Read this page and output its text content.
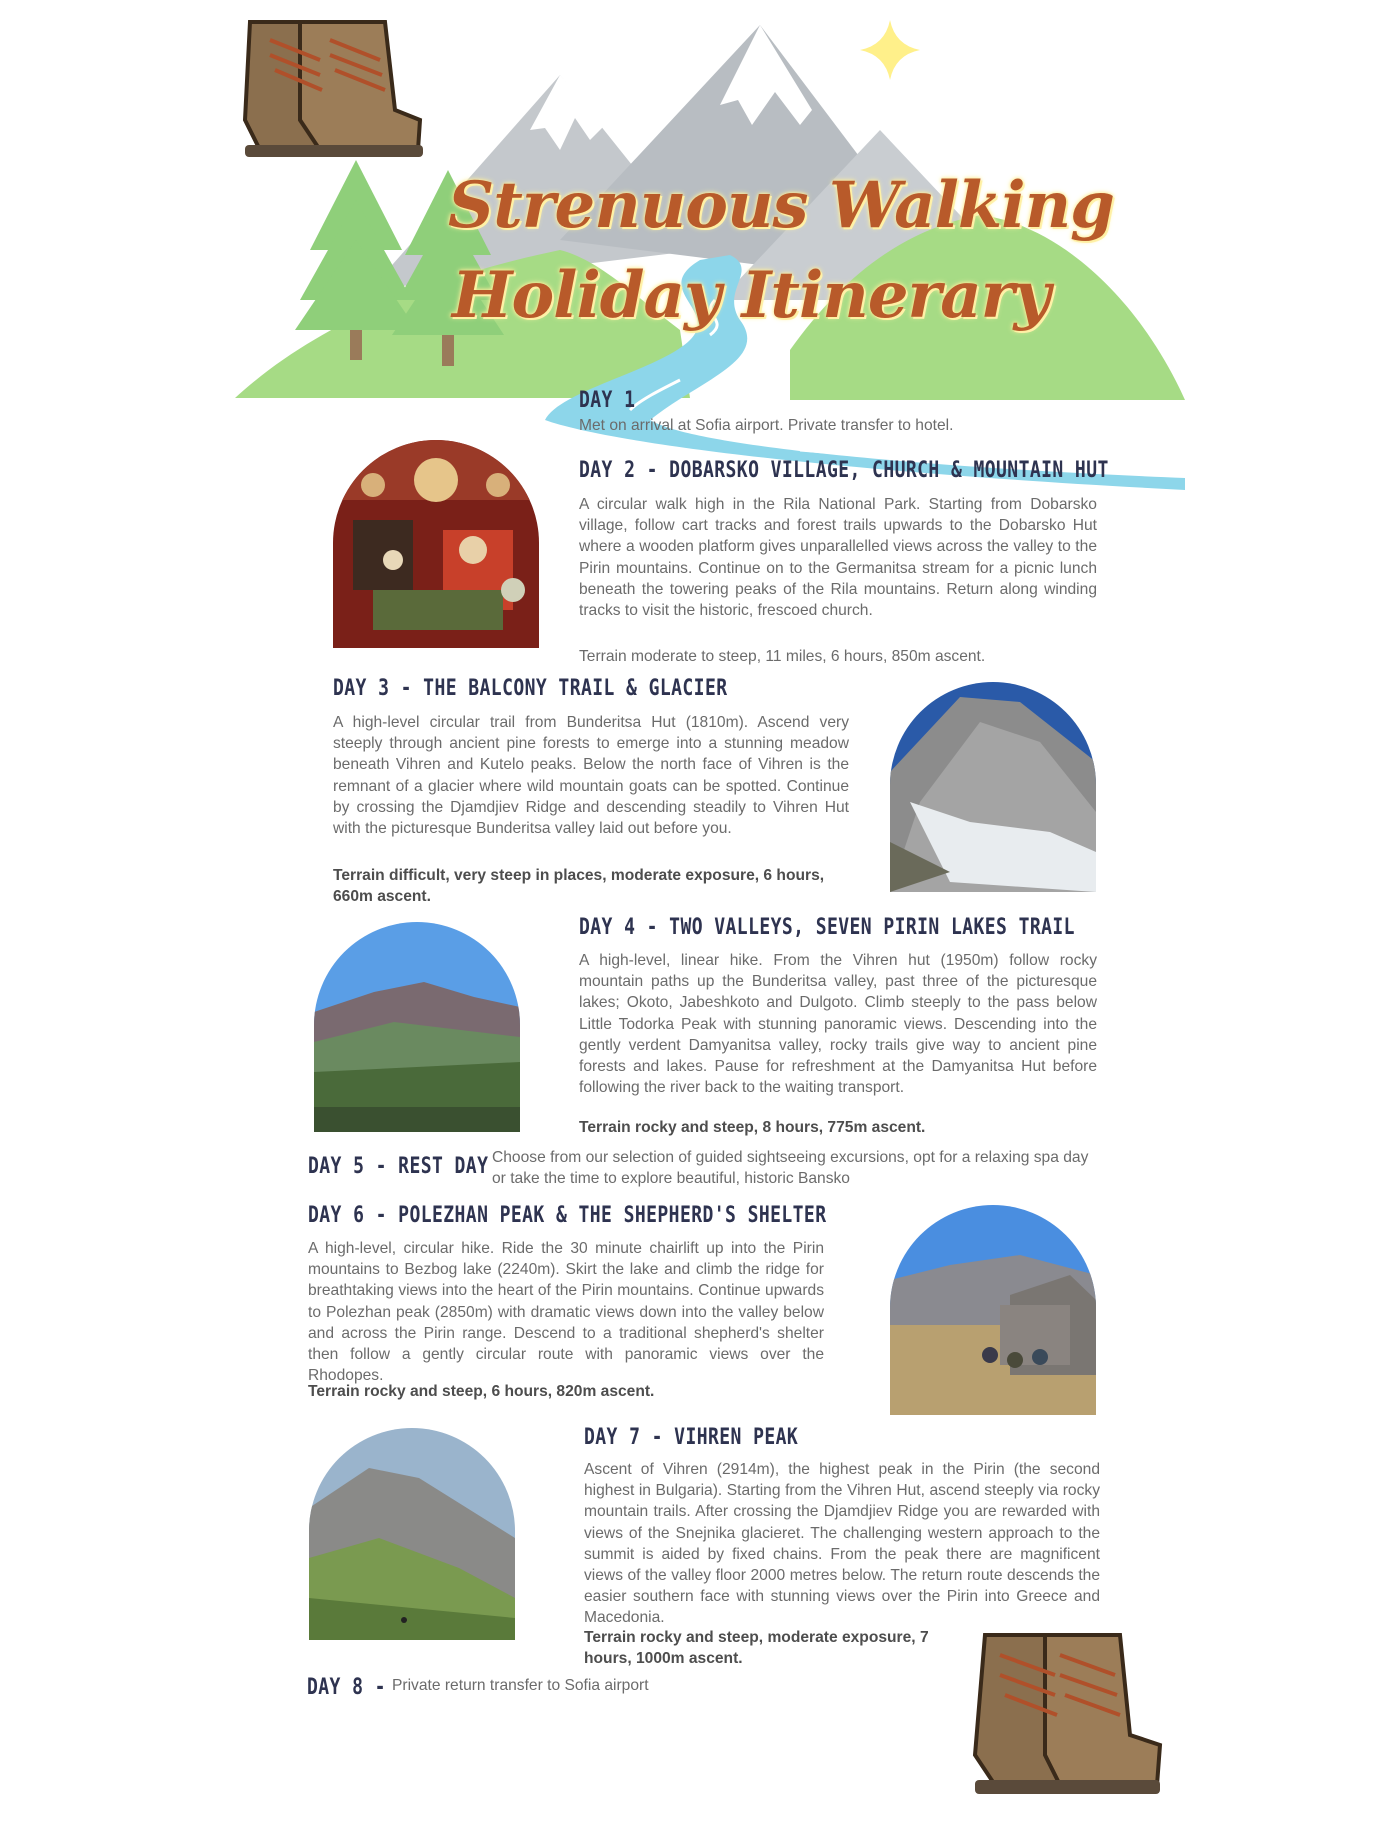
Strenuous Walking
Holiday Itinerary
DAY 1

Met on arrival at Sofia airport. Private transfer to hotel.

DAY 2 - DOBARSKO VILLAGE, CHURCH & MOUNTAIN HUT

A circular walk high in the Rila National Park. Starting from Dobarsko village, follow cart tracks and forest trails upwards to the Dobarsko Hut where a wooden platform gives unparallelled views across the valley to the Pirin mountains. Continue on to the Germanitsa stream for a picnic lunch beneath the towering peaks of the Rila mountains. Return along winding tracks to visit the historic, frescoed church.

Terrain moderate to steep, 11 miles, 6 hours, 850m ascent.

DAY 3 - THE BALCONY TRAIL & GLACIER

A high-level circular trail from Bunderitsa Hut (1810m). Ascend very steeply through ancient pine forests to emerge into a stunning meadow beneath Vihren and Kutelo peaks. Below the north face of Vihren is the remnant of a glacier where wild mountain goats can be spotted. Continue by crossing the Djamdjiev Ridge and descending steadily to Vihren Hut with the picturesque Bunderitsa valley laid out before you.

Terrain difficult, very steep in places, moderate exposure, 6 hours, 660m ascent.

DAY 4 - TWO VALLEYS, SEVEN PIRIN LAKES TRAIL

A high-level, linear hike. From the Vihren hut (1950m) follow rocky mountain paths up the Bunderitsa valley, past three of the picturesque lakes; Okoto, Jabeshkoto and Dulgoto. Climb steeply to the pass below Little Todorka Peak with stunning panoramic views. Descending into the gently verdent Damyanitsa valley, rocky trails give way to ancient pine forests and lakes. Pause for refreshment at the Damyanitsa Hut before following the river back to the waiting transport.

Terrain rocky and steep, 8 hours, 775m ascent.

DAY 5 - REST DAY Choose from our selection of guided sightseeing excursions, opt for a relaxing spa day or take the time to explore beautiful, historic Bansko

DAY 6 - POLEZHAN PEAK & THE SHEPHERD'S SHELTER

A high-level, circular hike. Ride the 30 minute chairlift up into the Pirin mountains to Bezbog lake (2240m). Skirt the lake and climb the ridge for breathtaking views into the heart of the Pirin mountains. Continue upwards to Polezhan peak (2850m) with dramatic views down into the valley below and across the Pirin range. Descend to a traditional shepherd's shelter then follow a gently circular route with panoramic views over the Rhodopes.

Terrain rocky and steep, 6 hours, 820m ascent.

DAY 7 - VIHREN PEAK

Ascent of Vihren (2914m), the highest peak in the Pirin (the second highest in Bulgaria). Starting from the Vihren Hut, ascend steeply via rocky mountain trails. After crossing the Djamdjiev Ridge you are rewarded with views of the Snejnika glacieret. The challenging western approach to the summit is aided by fixed chains. From the peak there are magnificent views of the valley floor 2000 metres below. The return route descends the easier southern face with stunning views over the Pirin into Greece and Macedonia.

Terrain rocky and steep, moderate exposure, 7 hours, 1000m ascent.

DAY 8 - Private return transfer to Sofia airport
